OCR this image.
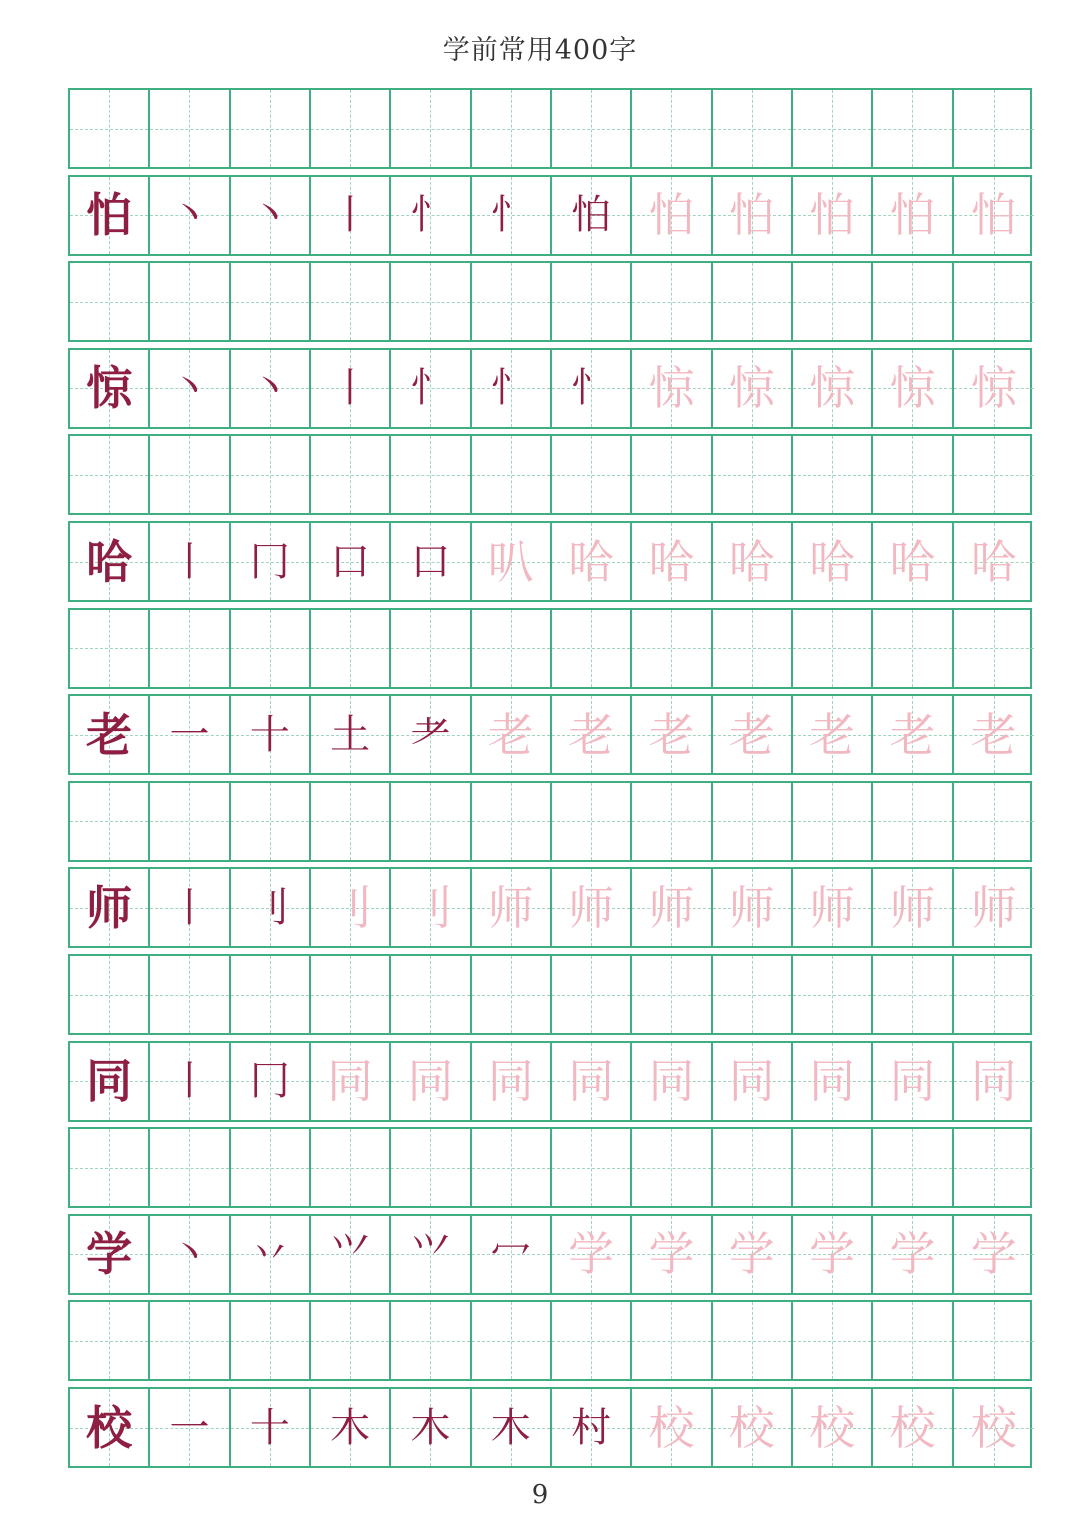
学前常用400字
怕 丶	丶	丨	忄	忄	怕 怕 怕 怕 怕 怕
惊 丶	丶	丨	忄	忄	忄 惊 惊 惊 惊 惊
哈 丨	冂	口	口 叭 哈 哈 哈 哈 哈 哈
老 一	十	土	耂 老 老 老 老 老 老 老
师 丨	刂 刂 刂 师 师 师 师 师 师 师
同 丨	冂 同 同 同 同 同 同 同 同 同
学 丶	丷	⺍	⺍	冖 学 学 学 学 学 学
校 一	十	木	木	木	村 校 校 校 校 校
9
